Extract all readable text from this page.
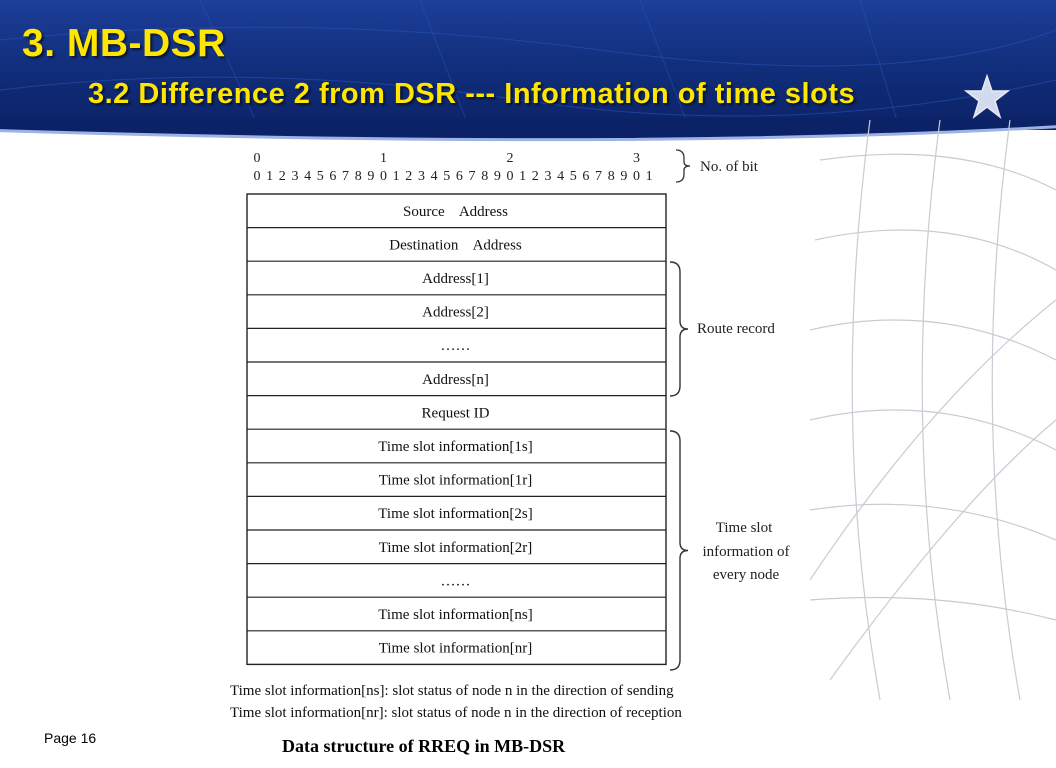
3. MB-DSR
3.2 Difference 2 from DSR --- Information of time slots
0	1	2	3
0 1 2 3 4 5 6 7 8 9 0 1 2 3 4 5 6 7 8 9 0 1 2 3 4 5 6 7 8 9 0 1
No. of bit
Source    Address
Destination    Address
Address[1]
Address[2]
……
Address[n]
Request ID
Time slot information[1s]
Time slot information[1r]
Time slot information[2s]
Time slot information[2r]
……
Time slot information[ns]
Time slot information[nr]
Route record
Time slot
information of
every node
Time slot information[ns]: slot status of node n in the direction of sending
Time slot information[nr]: slot status of node n in the direction of reception
Page 16	Data structure of RREQ in MB-DSR
